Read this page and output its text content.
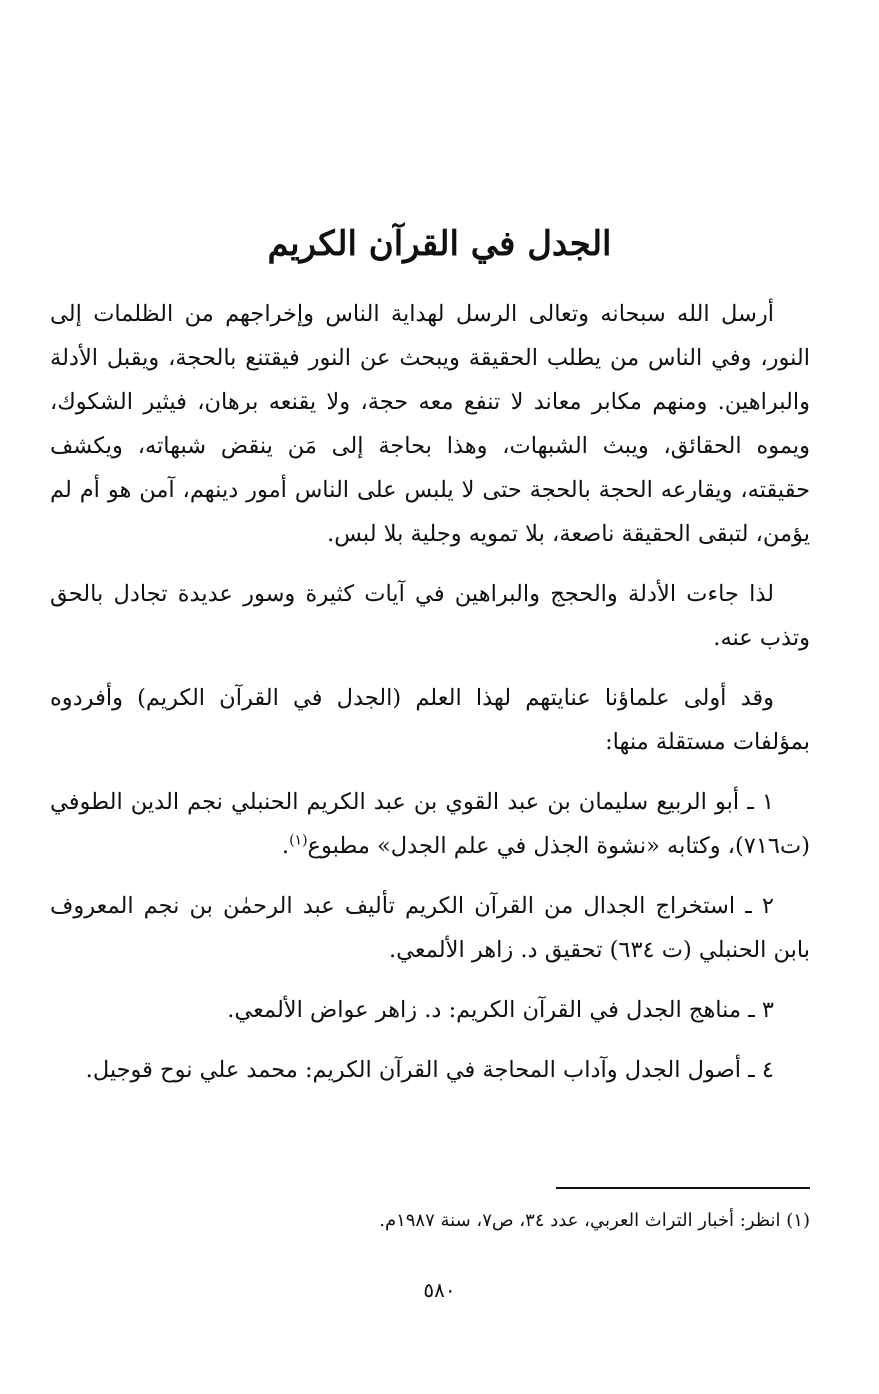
الجدل في القرآن الكريم

أرسل الله سبحانه وتعالى الرسل لهداية الناس وإخراجهم من الظلمات إلى النور، وفي الناس من يطلب الحقيقة ويبحث عن النور فيقتنع بالحجة، ويقبل الأدلة والبراهين. ومنهم مكابر معاند لا تنفع معه حجة، ولا يقنعه برهان، فيثير الشكوك، ويموه الحقائق، ويبث الشبهات، وهذا بحاجة إلى مَن ينقض شبهاته، ويكشف حقيقته، ويقارعه الحجة بالحجة حتى لا يلبس على الناس أمور دينهم، آمن هو أم لم يؤمن، لتبقى الحقيقة ناصعة، بلا تمويه وجلية بلا لبس.

لذا جاءت الأدلة والحجج والبراهين في آيات كثيرة وسور عديدة تجادل بالحق وتذب عنه.

وقد أولى علماؤنا عنايتهم لهذا العلم (الجدل في القرآن الكريم) وأفردوه بمؤلفات مستقلة منها:

١ ـ أبو الربيع سليمان بن عبد القوي بن عبد الكريم الحنبلي نجم الدين الطوفي (ت٧١٦)، وكتابه «نشوة الجذل في علم الجدل» مطبوع$^{(١)}$.

٢ ـ استخراج الجدال من القرآن الكريم تأليف عبد الرحمٰن بن نجم المعروف بابن الحنبلي (ت ٦٣٤) تحقيق د. زاهر الألمعي.

٣ ـ مناهج الجدل في القرآن الكريم: د. زاهر عواض الألمعي.

٤ ـ أصول الجدل وآداب المحاجة في القرآن الكريم: محمد علي نوح قوجيل.

(١) انظر: أخبار التراث العربي، عدد ٣٤، ص٧، سنة ١٩٨٧م.

٥٨٠
